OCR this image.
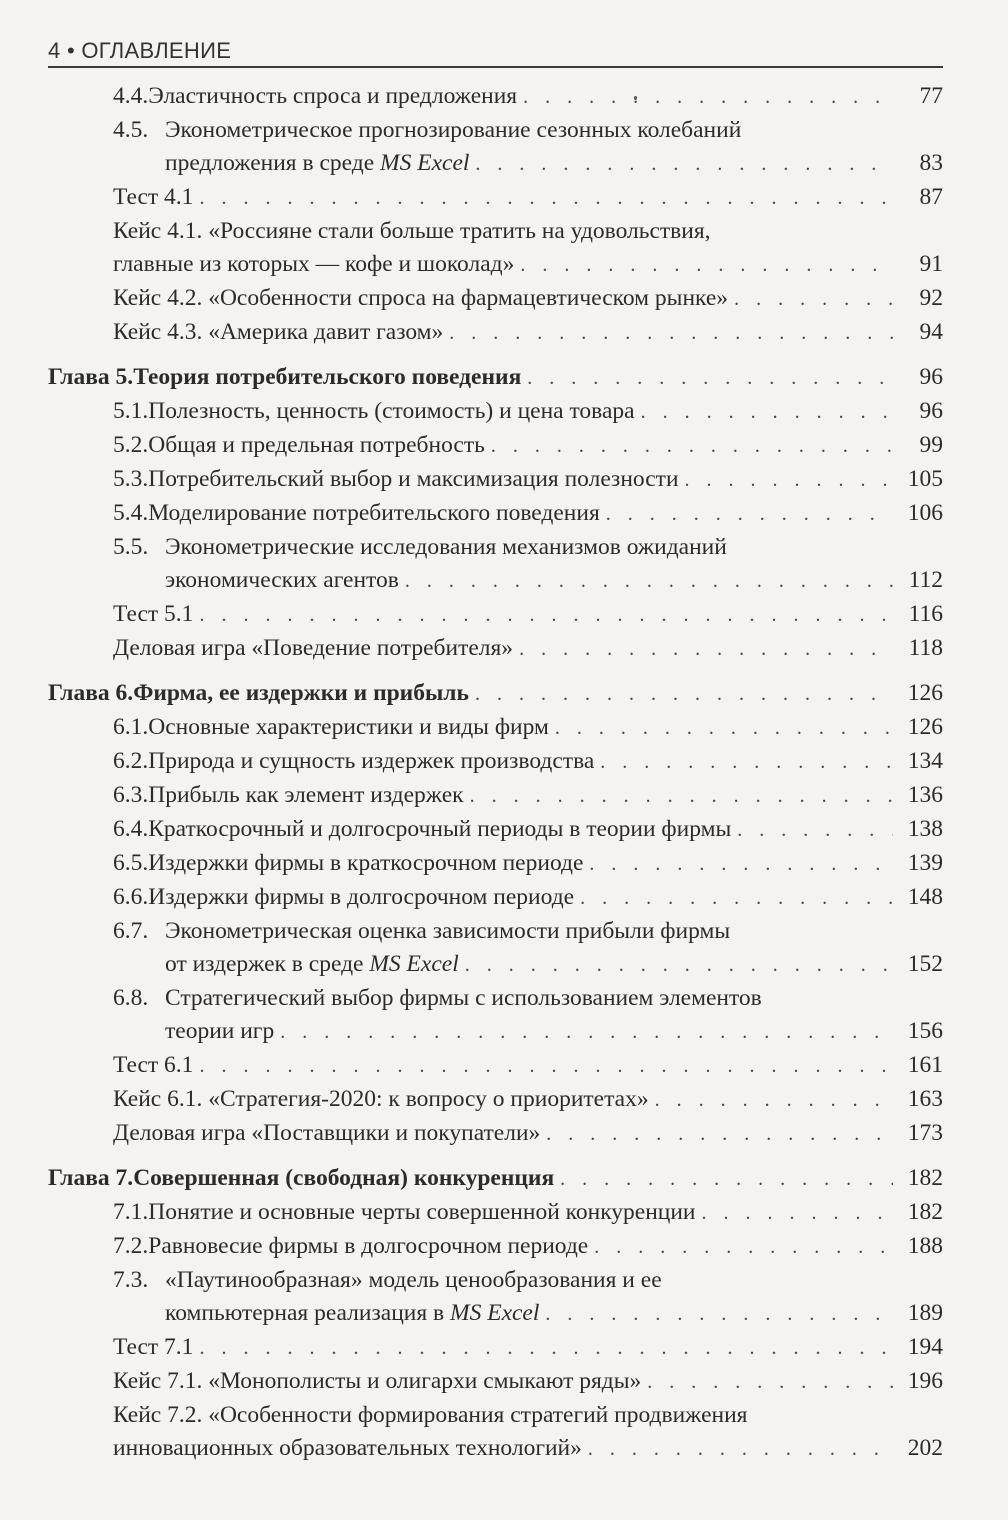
4 • ОГЛАВЛЕНИЕ
4.4. Эластичность спроса и предложения . . .	77
4.5. Эконометрическое прогнозирование сезонных колебаний
предложения в среде MS Excel . . .	83
Тест 4.1 . . .	87
Кейс 4.1. «Россияне стали больше тратить на удовольствия,
главные из которых — кофе и шоколад» . . .	91
Кейс 4.2. «Особенности спроса на фармацевтическом рынке» . . .	92
Кейс 4.3. «Америка давит газом» . . .	94
Глава 5. Теория потребительского поведения . . .	96
5.1. Полезность, ценность (стоимость) и цена товара . . .	96
5.2. Общая и предельная потребность . . .	99
5.3. Потребительский выбор и максимизация полезности . . .	105
5.4. Моделирование потребительского поведения . . .	106
5.5. Эконометрические исследования механизмов ожиданий
экономических агентов . . .	112
Тест 5.1 . . .	116
Деловая игра «Поведение потребителя» . . .	118
Глава 6. Фирма, ее издержки и прибыль . . .	126
6.1. Основные характеристики и виды фирм . . .	126
6.2. Природа и сущность издержек производства . . .	134
6.3. Прибыль как элемент издержек . . .	136
6.4. Краткосрочный и долгосрочный периоды в теории фирмы . . .	138
6.5. Издержки фирмы в краткосрочном периоде . . .	139
6.6. Издержки фирмы в долгосрочном периоде . . .	148
6.7. Эконометрическая оценка зависимости прибыли фирмы
от издержек в среде MS Excel . . .	152
6.8. Стратегический выбор фирмы с использованием элементов
теории игр . . .	156
Тест 6.1 . . .	161
Кейс 6.1. «Стратегия-2020: к вопросу о приоритетах» . . .	163
Деловая игра «Поставщики и покупатели» . . .	173
Глава 7. Совершенная (свободная) конкуренция . . .	182
7.1. Понятие и основные черты совершенной конкуренции . . .	182
7.2. Равновесие фирмы в долгосрочном периоде . . .	188
7.3. «Паутинообразная» модель ценообразования и ее
компьютерная реализация в MS Excel . . .	189
Тест 7.1 . . .	194
Кейс 7.1. «Монополисты и олигархи смыкают ряды» . . .	196
Кейс 7.2. «Особенности формирования стратегий продвижения
инновационных образовательных технологий» . . .	202
